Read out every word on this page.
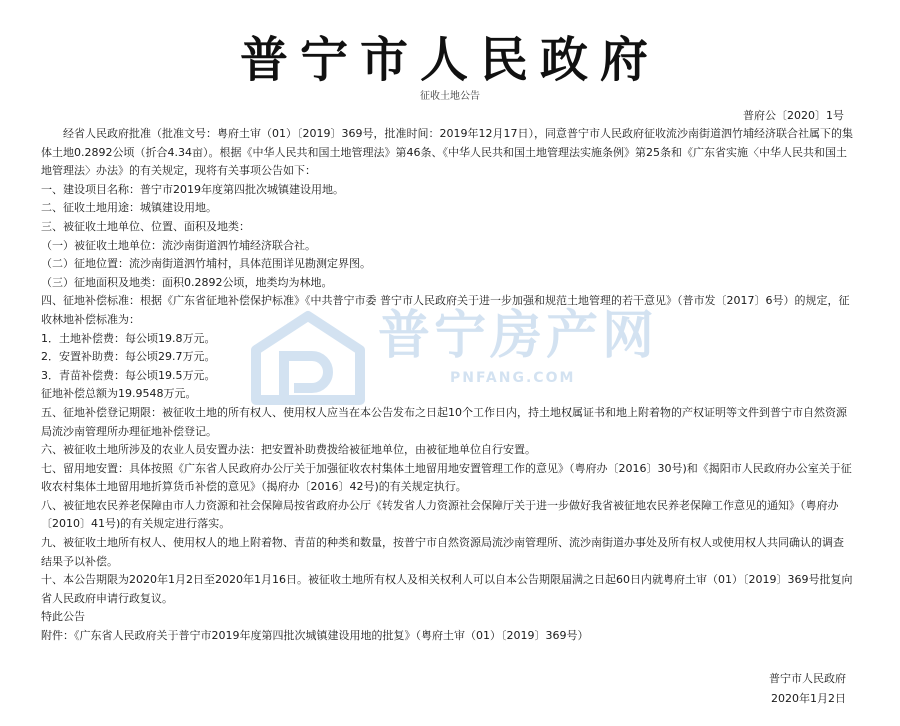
普宁市人民政府
征收土地公告
普府公〔2020〕1号
普宁房产网
PNFANG.COM

经省人民政府批准（批准文号：粤府土审（01）〔2019〕369号，批准时间：2019年12月17日），同意普宁市人民政府征收流沙南街道泗竹埔经济联合社属下的集体土地0.2892公顷（折合4.34亩）。根据《中华人民共和国土地管理法》第46条、《中华人民共和国土地管理法实施条例》第25条和《广东省实施〈中华人民共和国土地管理法〉办法》的有关规定，现将有关事项公告如下：

一、建设项目名称：普宁市2019年度第四批次城镇建设用地。

二、征收土地用途：城镇建设用地。

三、被征收土地单位、位置、面积及地类：

（一）被征收土地单位：流沙南街道泗竹埔经济联合社。

（二）征地位置：流沙南街道泗竹埔村，具体范围详见勘测定界图。

（三）征地面积及地类：面积0.2892公顷，地类均为林地。

四、征地补偿标准：根据《广东省征地补偿保护标准》《中共普宁市委 普宁市人民政府关于进一步加强和规范土地管理的若干意见》（普市发〔2017〕6号）的规定，征收林地补偿标准为：

1．土地补偿费：每公顷19.8万元。

2．安置补助费：每公顷29.7万元。

3．青苗补偿费：每公顷19.5万元。

征地补偿总额为19.9548万元。

五、征地补偿登记期限：被征收土地的所有权人、使用权人应当在本公告发布之日起10个工作日内，持土地权属证书和地上附着物的产权证明等文件到普宁市自然资源局流沙南管理所办理征地补偿登记。

六、被征收土地所涉及的农业人员安置办法：把安置补助费拨给被征地单位，由被征地单位自行安置。

七、留用地安置：具体按照《广东省人民政府办公厅关于加强征收农村集体土地留用地安置管理工作的意见》（粤府办〔2016〕30号)和《揭阳市人民政府办公室关于征收农村集体土地留用地折算货币补偿的意见》（揭府办〔2016〕42号)的有关规定执行。

八、被征地农民养老保障由市人力资源和社会保障局按省政府办公厅《转发省人力资源社会保障厅关于进一步做好我省被征地农民养老保障工作意见的通知》（粤府办〔2010〕41号)的有关规定进行落实。

九、被征收土地所有权人、使用权人的地上附着物、青苗的种类和数量，按普宁市自然资源局流沙南管理所、流沙南街道办事处及所有权人或使用权人共同确认的调查结果予以补偿。

十、本公告期限为2020年1月2日至2020年1月16日。被征收土地所有权人及相关权利人可以自本公告期限届满之日起60日内就粤府土审（01）〔2019〕369号批复向省人民政府申请行政复议。

特此公告

附件：《广东省人民政府关于普宁市2019年度第四批次城镇建设用地的批复》（粤府土审（01）〔2019〕369号）

普宁市人民政府
2020年1月2日
